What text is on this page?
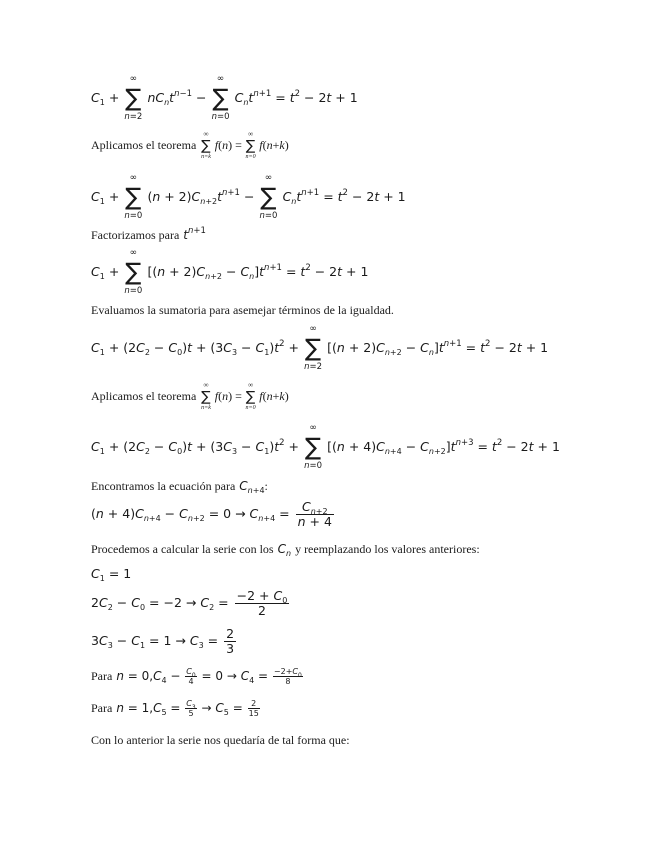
$C_1$ +
∞
∑
n=2
$nC_nt^{n-1}$ −
∞
∑
n=0
$C_nt^{n+1} = t^2 - 2t + 1$
Aplicamos el teorema
∞
∑
n=k
f(n) =
∞
∑
n=0
f(n+k)
$C_1$ +
∞
∑
n=0
$(n + 2)C_{n+2}t^{n+1}$ −
∞
∑
n=0
$C_nt^{n+1} = t^2 - 2t + 1$
Factorizamos para $t^{n+1}$
$C_1$ +
∞
∑
n=0
$[(n + 2)C_{n+2} - C_n]t^{n+1} = t^2 - 2t + 1$
Evaluamos la sumatoria para asemejar términos de la igualdad.
$C_1 + (2C_2 - C_0)t + (3C_3 - C_1)t^2$ +
∞
∑
n=2
$[(n + 2)C_{n+2} - C_n]t^{n+1} = t^2 - 2t + 1$
Aplicamos el teorema
∞
∑
n=k
f(n) =
∞
∑
n=0
f(n+k)
$C_1 + (2C_2 - C_0)t + (3C_3 - C_1)t^2$ +
∞
∑
n=0
$[(n + 4)C_{n+4} - C_{n+2}]t^{n+3} = t^2 - 2t + 1$
Encontramos la ecuación para $C_{n+4}$:
$(n + 4)C_{n+4} - C_{n+2} = 0 \to C_{n+4} = \frac{C_{n+2}}{n + 4}$
Procedemos a calcular la serie con los $C_n$ y reemplazando los valores anteriores:
$C_1 = 1$
$2C_2 - C_0 = -2 \to C_2 = \frac{-2 + C_0}{2}$
$3C_3 - C_1 = 1 \to C_3 = \frac{2}{3}$
Para $n = 0,C_4 - \frac{C_0}{4} = 0 \to C_4 = \frac{-2+C_0}{8}$
Para $n = 1,C_5 = \frac{C_3}{5} \to C_5 = \frac{2}{15}$
Con lo anterior la serie nos quedaría de tal forma que:
